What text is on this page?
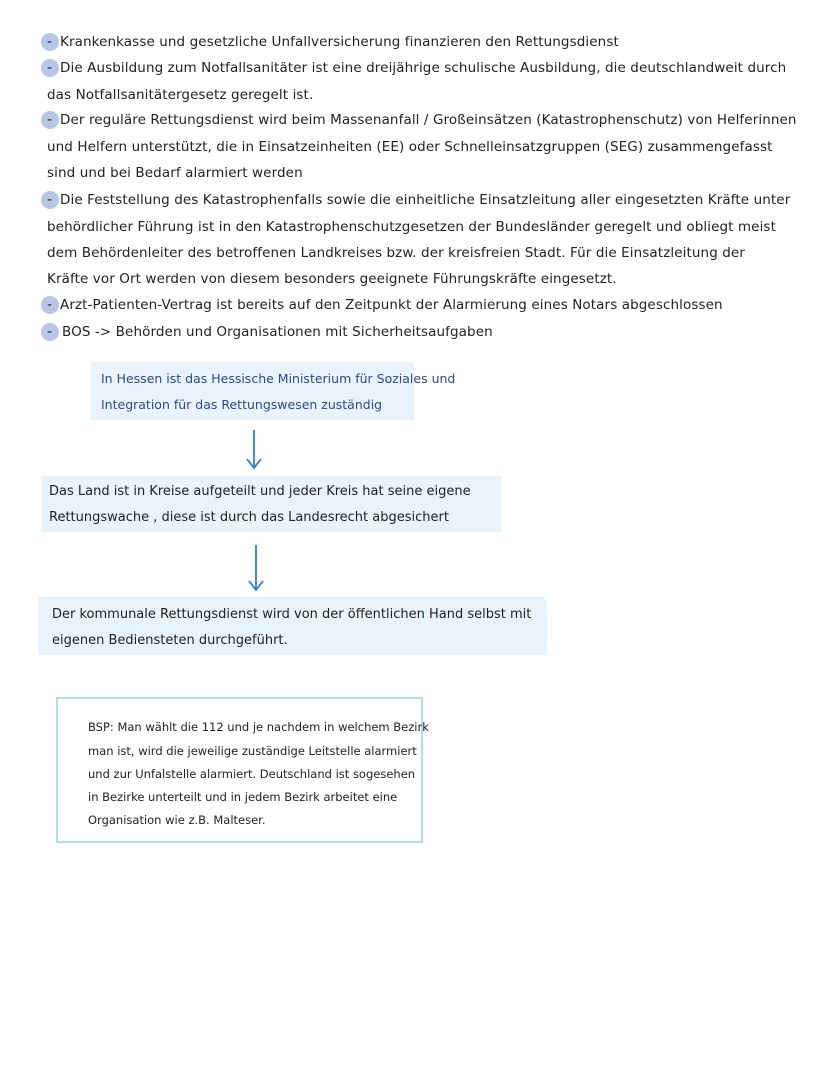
- Krankenkasse und gesetzliche Unfallversicherung finanzieren den Rettungsdienst
- Die Ausbildung zum Notfallsanitäter ist eine dreijährige schulische Ausbildung, die deutschlandweit durch
das Notfallsanitätergesetz geregelt ist.
- Der reguläre Rettungsdienst wird beim Massenanfall / Großeinsätzen (Katastrophenschutz) von Helferinnen
und Helfern unterstützt, die in Einsatzeinheiten (EE) oder Schnelleinsatzgruppen (SEG) zusammengefasst
sind und bei Bedarf alarmiert werden
- Die Feststellung des Katastrophenfalls sowie die einheitliche Einsatzleitung aller eingesetzten Kräfte unter
behördlicher Führung ist in den Katastrophenschutzgesetzen der Bundesländer geregelt und obliegt meist
dem Behördenleiter des betroffenen Landkreises bzw. der kreisfreien Stadt. Für die Einsatzleitung der
Kräfte vor Ort werden von diesem besonders geeignete Führungskräfte eingesetzt.
- Arzt-Patienten-Vertrag ist bereits auf den Zeitpunkt der Alarmierung eines Notars abgeschlossen
- BOS -> Behörden und Organisationen mit Sicherheitsaufgaben
In Hessen ist das Hessische Ministerium für Soziales und
Integration für das Rettungswesen zuständig
Das Land ist in Kreise aufgeteilt und jeder Kreis hat seine eigene
Rettungswache , diese ist durch das Landesrecht abgesichert
Der kommunale Rettungsdienst wird von der öffentlichen Hand selbst mit
eigenen Bediensteten durchgeführt.
BSP: Man wählt die 112 und je nachdem in welchem Bezirk
man ist, wird die jeweilige zuständige Leitstelle alarmiert
und zur Unfalstelle alarmiert. Deutschland ist sogesehen
in Bezirke unterteilt und in jedem Bezirk arbeitet eine
Organisation wie z.B. Malteser.
